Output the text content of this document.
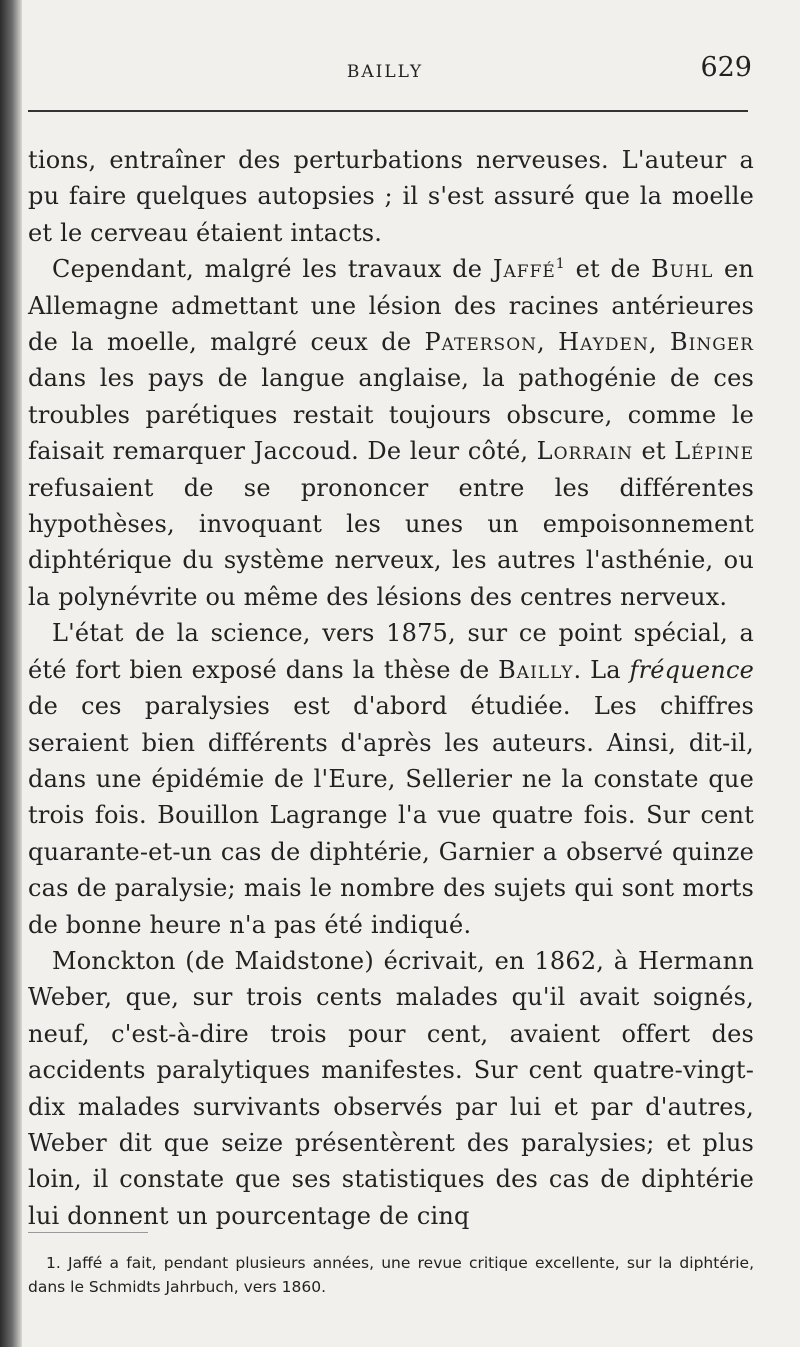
BAILLY	629

tions, entraîner des perturbations nerveuses. L'auteur a pu faire quelques autopsies ; il s'est assuré que la moelle et le cerveau étaient intacts.

Cependant, malgré les travaux de Jaffé$^1$ et de Buhl en Allemagne admettant une lésion des racines antérieures de la moelle, malgré ceux de Paterson, Hayden, Binger dans les pays de langue anglaise, la pathogénie de ces troubles parétiques restait toujours obscure, comme le faisait remarquer Jaccoud. De leur côté, Lorrain et Lépine refusaient de se prononcer entre les différentes hypothèses, invoquant les unes un empoisonnement diphtérique du système nerveux, les autres l'asthénie, ou la polynévrite ou même des lésions des centres nerveux.

L'état de la science, vers 1875, sur ce point spécial, a été fort bien exposé dans la thèse de Bailly. La fréquence de ces paralysies est d'abord étudiée. Les chiffres seraient bien différents d'après les auteurs. Ainsi, dit-il, dans une épidémie de l'Eure, Sellerier ne la constate que trois fois. Bouillon Lagrange l'a vue quatre fois. Sur cent quarante-et-un cas de diphtérie, Garnier a observé quinze cas de paralysie; mais le nombre des sujets qui sont morts de bonne heure n'a pas été indiqué.

Monckton (de Maidstone) écrivait, en 1862, à Hermann Weber, que, sur trois cents malades qu'il avait soignés, neuf, c'est-à-dire trois pour cent, avaient offert des accidents paralytiques manifestes. Sur cent quatre-vingt-dix malades survivants observés par lui et par d'autres, Weber dit que seize présentèrent des paralysies; et plus loin, il constate que ses statistiques des cas de diphtérie lui donnent un pourcentage de cinq

1. Jaffé a fait, pendant plusieurs années, une revue critique excellente, sur la diphtérie, dans le Schmidts Jahrbuch, vers 1860.
